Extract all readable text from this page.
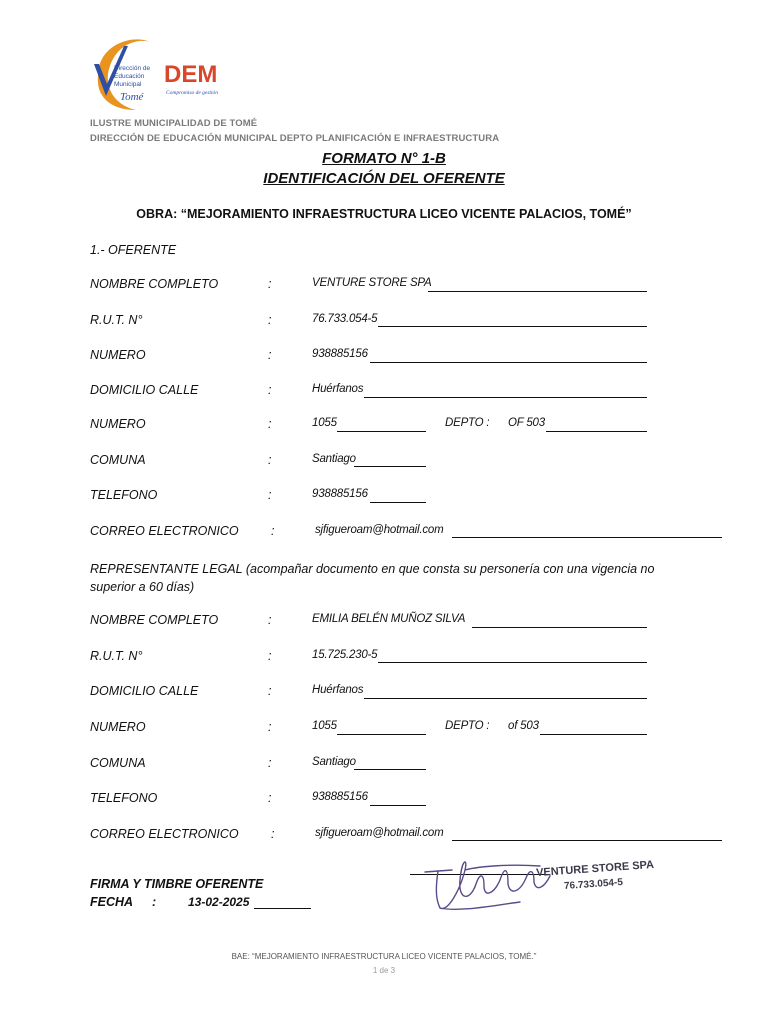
Dirección de
Educación
Municipal
Tomé
DEM
Compromiso de gestión
ILUSTRE MUNICIPALIDAD DE TOMÉ
DIRECCIÓN DE EDUCACIÓN MUNICIPAL DEPTO PLANIFICACIÓN E INFRAESTRUCTURA
FORMATO N° 1-B
IDENTIFICACIÓN DEL OFERENTE
OBRA: “MEJORAMIENTO INFRAESTRUCTURA LICEO VICENTE PALACIOS, TOMÉ”
1.- OFERENTE
NOMBRE COMPLETO	:	VENTURE STORE SPA
R.U.T. N°	:	76.733.054-5
NUMERO	:	938885156
DOMICILIO CALLE	:	Huérfanos
NUMERO	:	1055	DEPTO : OF 503
COMUNA	:	Santiago
TELEFONO	:	938885156
CORREO ELECTRONICO	:	sjfigueroam@hotmail.com
REPRESENTANTE LEGAL (acompañar documento en que consta su personería con una vigencia no superior a 60 días)
NOMBRE COMPLETO	:	EMILIA BELÉN MUÑOZ SILVA
R.U.T. N°	:	15.725.230-5
DOMICILIO CALLE	:	Huérfanos
NUMERO	:	1055	DEPTO : of 503
COMUNA	:	Santiago
TELEFONO	:	938885156
CORREO ELECTRONICO	:	sjfigueroam@hotmail.com
VENTURE STORE SPA
76.733.054-5
FIRMA Y TIMBRE OFERENTE
FECHA :	13-02-2025
BAE: “MEJORAMIENTO INFRAESTRUCTURA LICEO VICENTE PALACIOS, TOMÉ.”
1 de 3
